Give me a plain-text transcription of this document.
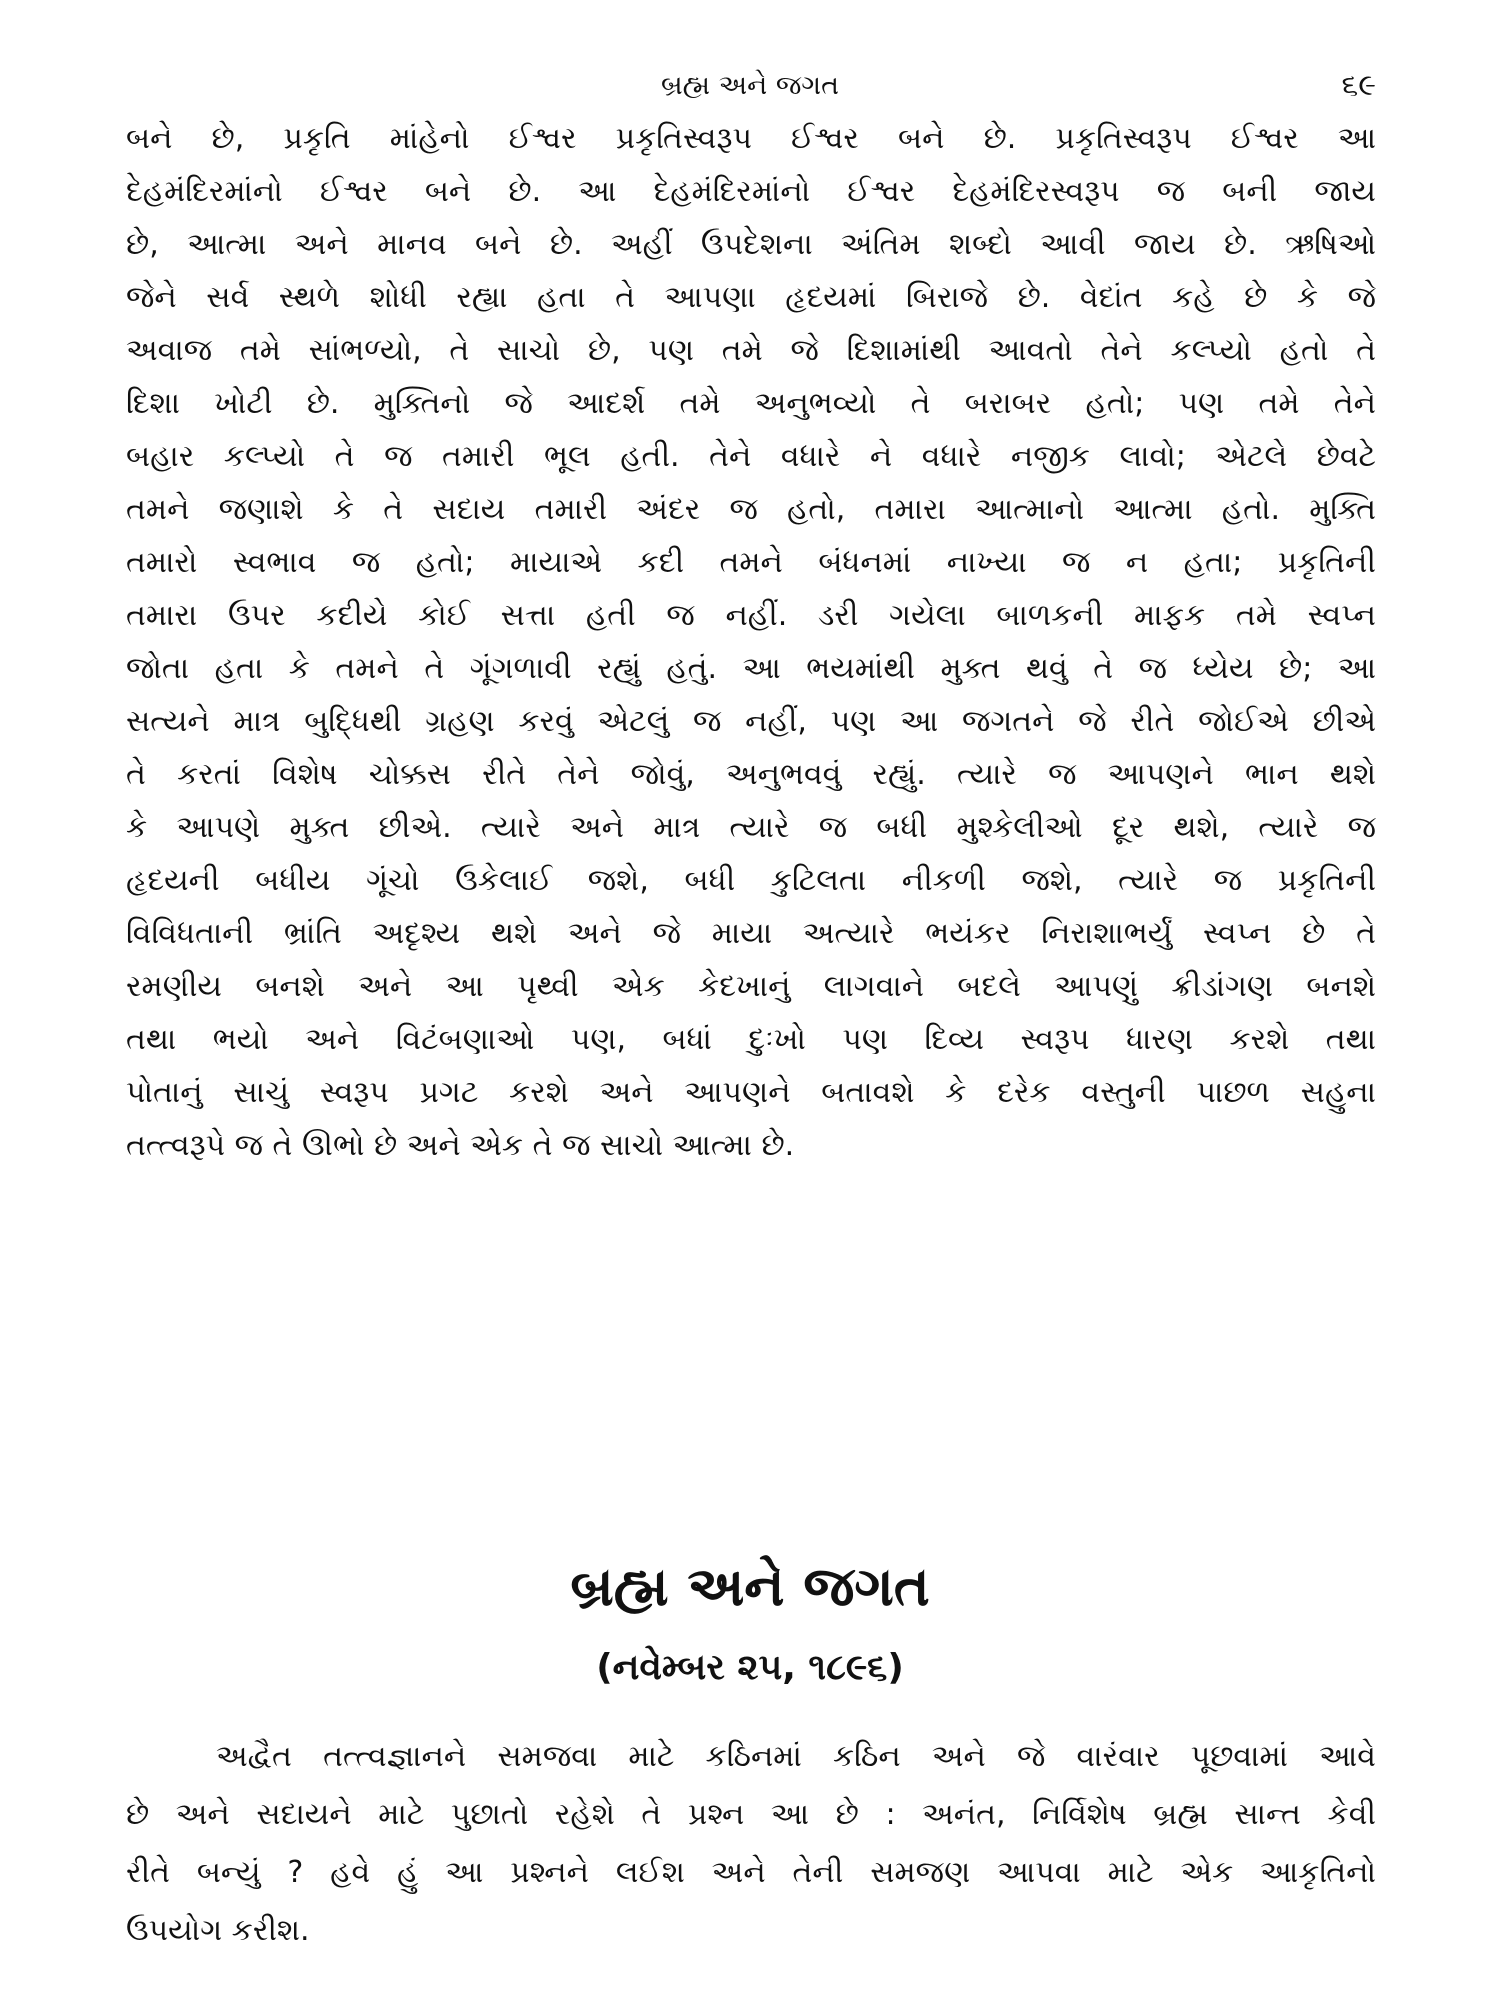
બ્રહ્મ અને જગત	૬૯
બને છે, પ્રકૃતિ માંહેનો ઈશ્વર પ્રકૃતિસ્વરૂપ ઈશ્વર બને છે. પ્રકૃતિસ્વરૂપ ઈશ્વર આ
દેહમંદિરમાંનો ઈશ્વર બને છે. આ દેહમંદિરમાંનો ઈશ્વર દેહમંદિરસ્વરૂપ જ બની જાય
છે, આત્મા અને માનવ બને છે. અહીં ઉપદેશના અંતિમ શબ્દો આવી જાય છે. ઋષિઓ
જેને સર્વ સ્થળે શોધી રહ્યા હતા તે આપણા હૃદયમાં બિરાજે છે. વેદાંત કહે છે કે જે
અવાજ તમે સાંભળ્યો, તે સાચો છે, પણ તમે જે દિશામાંથી આવતો તેને કલ્પ્યો હતો તે
દિશા ખોટી છે. મુક્તિનો જે આદર્શ તમે અનુભવ્યો તે બરાબર હતો; પણ તમે તેને
બહાર કલ્પ્યો તે જ તમારી ભૂલ હતી. તેને વધારે ને વધારે નજીક લાવો; એટલે છેવટે
તમને જણાશે કે તે સદાય તમારી અંદર જ હતો, તમારા આત્માનો આત્મા હતો. મુક્તિ
તમારો સ્વભાવ જ હતો; માયાએ કદી તમને બંધનમાં નાખ્યા જ ન હતા; પ્રકૃતિની
તમારા ઉપર કદીયે કોઈ સત્તા હતી જ નહીં. ડરી ગયેલા બાળકની માફક તમે સ્વપ્ન
જોતા હતા કે તમને તે ગૂંગળાવી રહ્યું હતું. આ ભયમાંથી મુક્ત થવું તે જ ધ્યેય છે; આ
સત્યને માત્ર બુદ્ધિથી ગ્રહણ કરવું એટલું જ નહીં, પણ આ જગતને જે રીતે જોઈએ છીએ
તે કરતાં વિશેષ ચોક્કસ રીતે તેને જોવું, અનુભવવું રહ્યું. ત્યારે જ આપણને ભાન થશે
કે આપણે મુક્ત છીએ. ત્યારે અને માત્ર ત્યારે જ બધી મુશ્કેલીઓ દૂર થશે, ત્યારે જ
હૃદયની બધીય ગૂંચો ઉકેલાઈ જશે, બધી કુટિલતા નીકળી જશે, ત્યારે જ પ્રકૃતિની
વિવિધતાની ભ્રાંતિ અદૃશ્ય થશે અને જે માયા અત્યારે ભયંકર નિરાશાભર્યું સ્વપ્ન છે તે
રમણીય બનશે અને આ પૃથ્વી એક કેદખાનું લાગવાને બદલે આપણું ક્રીડાંગણ બનશે
તથા ભયો અને વિટંબણાઓ પણ, બધાં દુઃખો પણ દિવ્ય સ્વરૂપ ધારણ કરશે તથા
પોતાનું સાચું સ્વરૂપ પ્રગટ કરશે અને આપણને બતાવશે કે દરેક વસ્તુની પાછળ સહુના
તત્ત્વરૂપે જ તે ઊભો છે અને એક તે જ સાચો આત્મા છે.
બ્રહ્મ અને જગત
(નવેમ્બર ૨૫, ૧૮૯૬)
અદ્વૈત તત્ત્વજ્ઞાનને સમજવા માટે કઠિનમાં કઠિન અને જે વારંવાર પૂછવામાં આવે
છે અને સદાયને માટે પુછાતો રહેશે તે પ્રશ્ન આ છે : અનંત, નિર્વિશેષ બ્રહ્મ સાન્ત કેવી
રીતે બન્યું ? હવે હું આ પ્રશ્નને લઈશ અને તેની સમજણ આપવા માટે એક આકૃતિનો
ઉપયોગ કરીશ.
